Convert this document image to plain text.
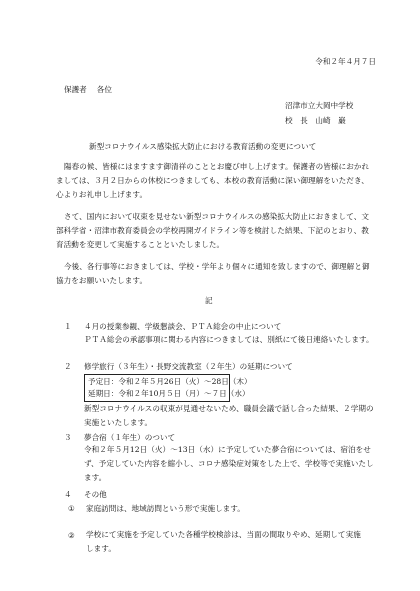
令和２年４月７日
保護者　 各位
沼津市立大岡中学校
校　長　山崎　巌
新型コロナウイルス感染拡大防止における教育活動の変更について
陽春の候、皆様にはますます御清祥のこととお慶び申し上げます。保護者の皆様におかれましては、３月２日からの休校につきましても、本校の教育活動に深い御理解をいただき、心よりお礼申し上げます。
さて、国内において収束を見せない新型コロナウイルスの感染拡大防止におきまして、文部科学省・沼津市教育委員会の学校再開ガイドライン等を検討した結果、下記のとおり、教育活動を変更して実施することといたしました。
今後、各行事等におきましては、学校・学年より個々に通知を致しますので、御理解と御協力をお願いいたします。
記
１ ４月の授業参観、学級懇談会、ＰＴＡ総会の中止について
ＰＴＡ総会の承認事項に関わる内容につきましては、別紙にて後日連絡いたします。
２ 修学旅行（３年生）・長野交流教室（２年生）の延期について
予定日：令和２年５月26日（火）～28日（木）
延期日：令和２年10月５日（月）～７日（水）
新型コロナウイルスの収束が見通せないため、職員会議で話し合った結果、２学期の実施といたします。
３ 夢合宿（１年生）のついて
令和２年５月12日（火）～13日（水）に予定していた夢合宿については、宿泊をせず、予定していた内容を縮小し、コロナ感染症対策をした上で、学校等で実施いたします。
４ その他
① 家庭訪問は、地域訪問という形で実施します。
② 学校にて実施を予定していた各種学校検診は、当面の間取りやめ、延期して実施します。
